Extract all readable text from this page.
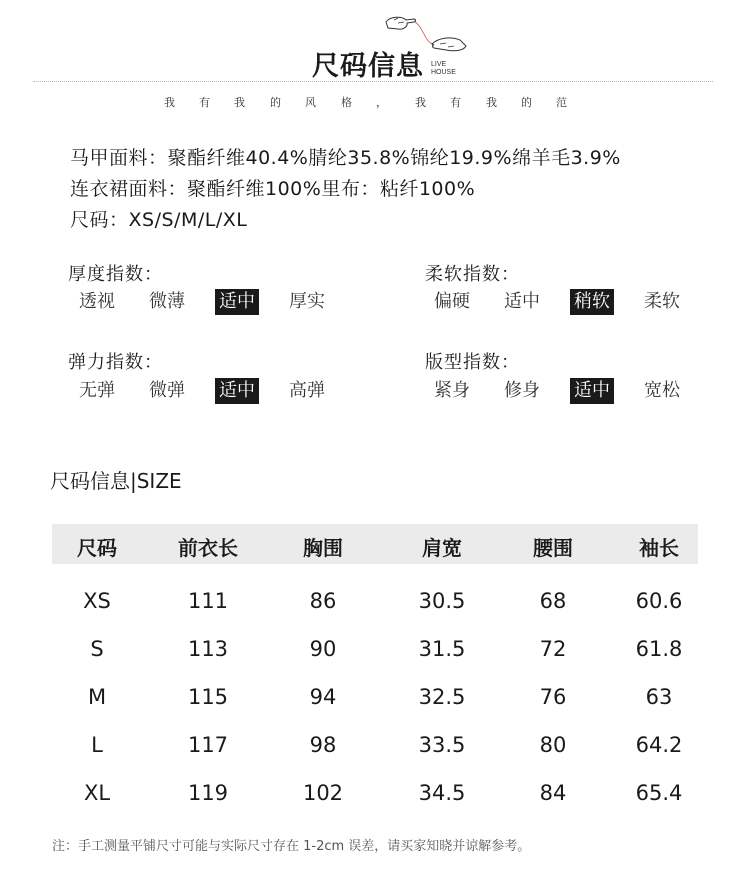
尺码信息 LIVE
HOUSE
我 有 我 的 风 格 ，	我 有 我 的 范
马甲面料：聚酯纤维40.4%腈纶35.8%锦纶19.9%绵羊毛3.9%
连衣裙面料：聚酯纤维100%里布：粘纤100%
尺码：XS/S/M/L/XL
厚度指数：
透视 微薄 适中 厚实
柔软指数：
偏硬 适中 稍软 柔软
弹力指数：
无弹 微弹 适中 高弹
版型指数：
紧身 修身 适中 宽松
尺码信息|SIZE
尺码	前衣长	胸围	肩宽	腰围	袖长
XS	111	86	30.5	68	60.6
S	113	90	31.5	72	61.8
M	115	94	32.5	76	63
L	117	98	33.5	80	64.2
XL	119	102	34.5	84	65.4
注：手工测量平铺尺寸可能与实际尺寸存在 1-2cm 误差，请买家知晓并谅解参考。
